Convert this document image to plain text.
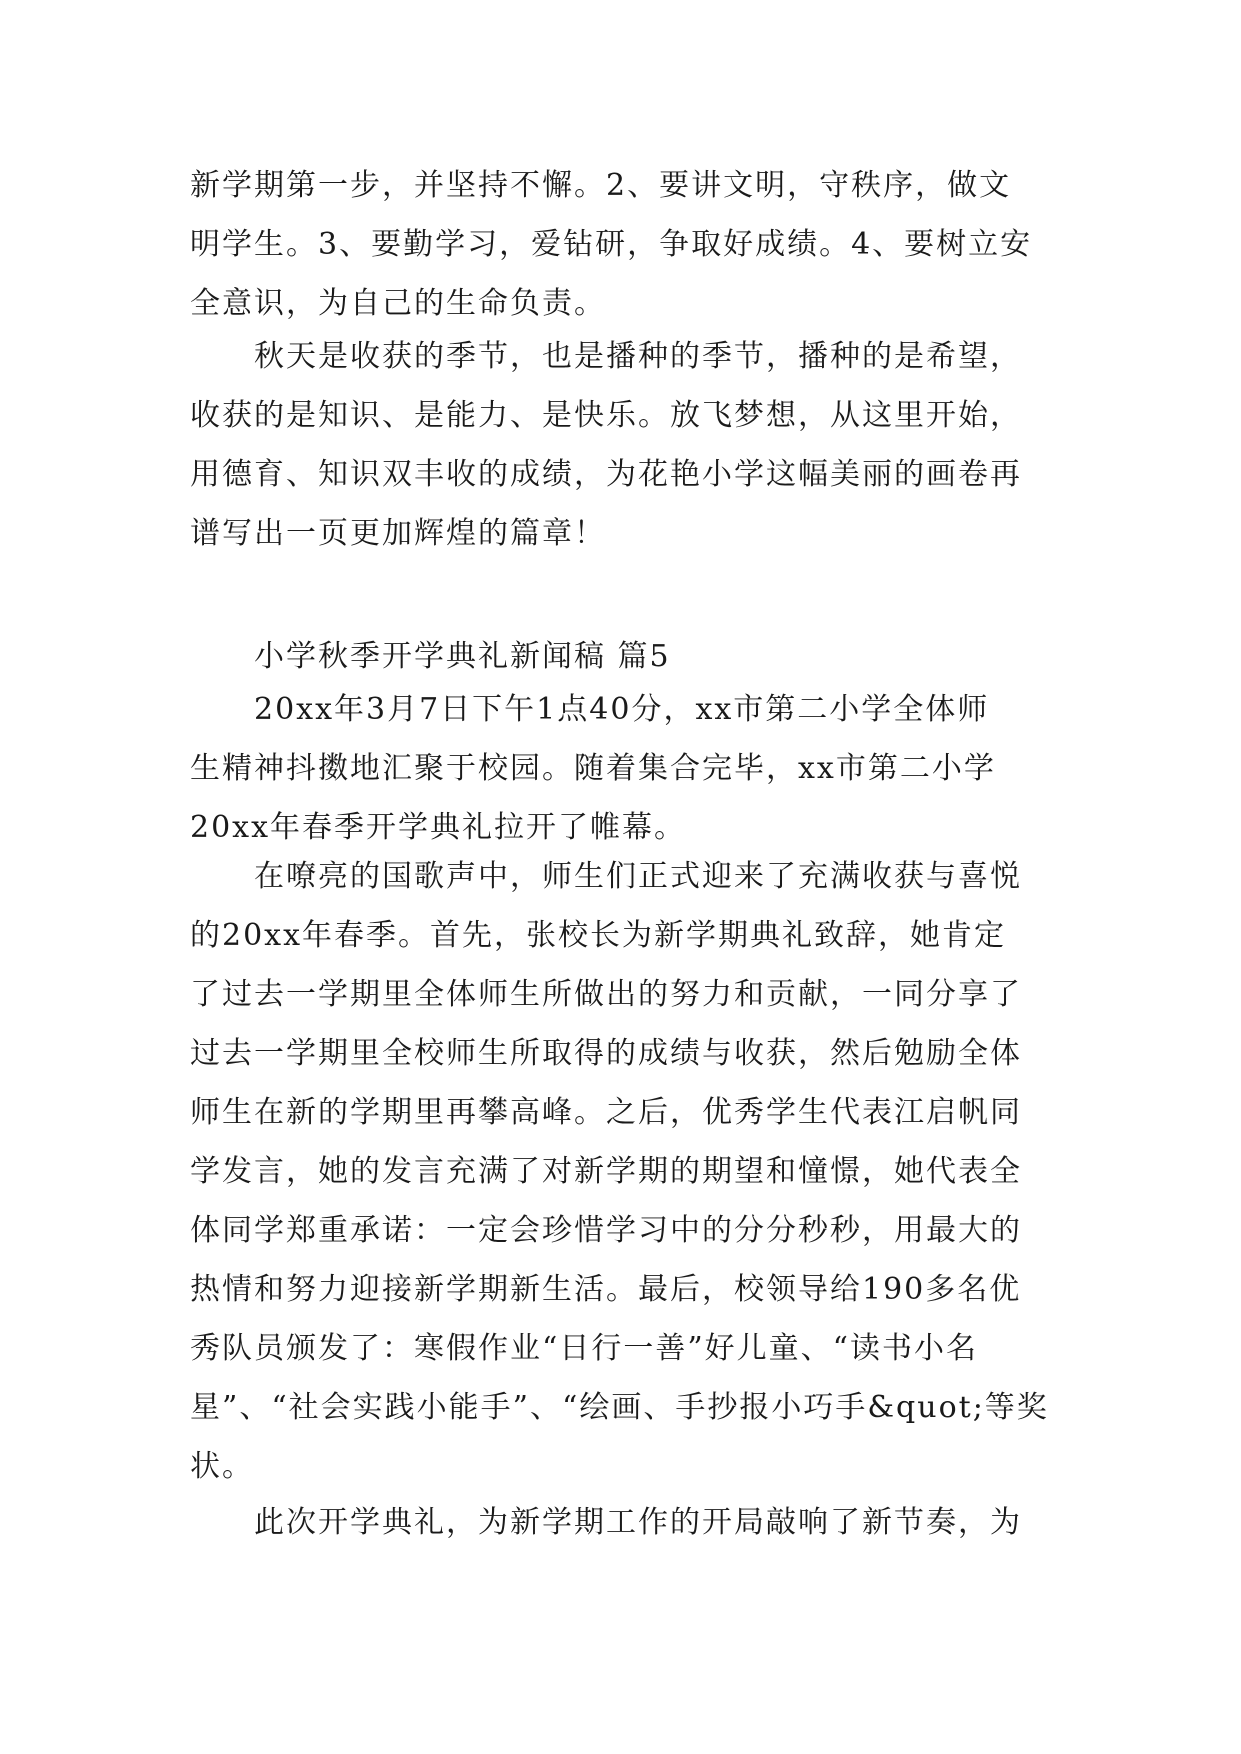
新学期第一步，并坚持不懈。2、要讲文明，守秩序，做文
明学生。3、要勤学习，爱钻研，争取好成绩。4、要树立安
全意识，为自己的生命负责。
秋天是收获的季节，也是播种的季节，播种的是希望，
收获的是知识、是能力、是快乐。放飞梦想，从这里开始，
用德育、知识双丰收的成绩，为花艳小学这幅美丽的画卷再
谱写出一页更加辉煌的篇章！
小学秋季开学典礼新闻稿 篇5
20xx年3月7日下午1点40分，xx市第二小学全体师
生精神抖擞地汇聚于校园。随着集合完毕，xx市第二小学
20xx年春季开学典礼拉开了帷幕。
在嘹亮的国歌声中，师生们正式迎来了充满收获与喜悦
的20xx年春季。首先，张校长为新学期典礼致辞，她肯定
了过去一学期里全体师生所做出的努力和贡献，一同分享了
过去一学期里全校师生所取得的成绩与收获，然后勉励全体
师生在新的学期里再攀高峰。之后，优秀学生代表江启帆同
学发言，她的发言充满了对新学期的期望和憧憬，她代表全
体同学郑重承诺：一定会珍惜学习中的分分秒秒，用最大的
热情和努力迎接新学期新生活。最后，校领导给190多名优
秀队员颁发了：寒假作业“日行一善”好儿童、“读书小名
星”、“社会实践小能手”、“绘画、手抄报小巧手&quot;等奖
状。
此次开学典礼，为新学期工作的开局敲响了新节奏，为
